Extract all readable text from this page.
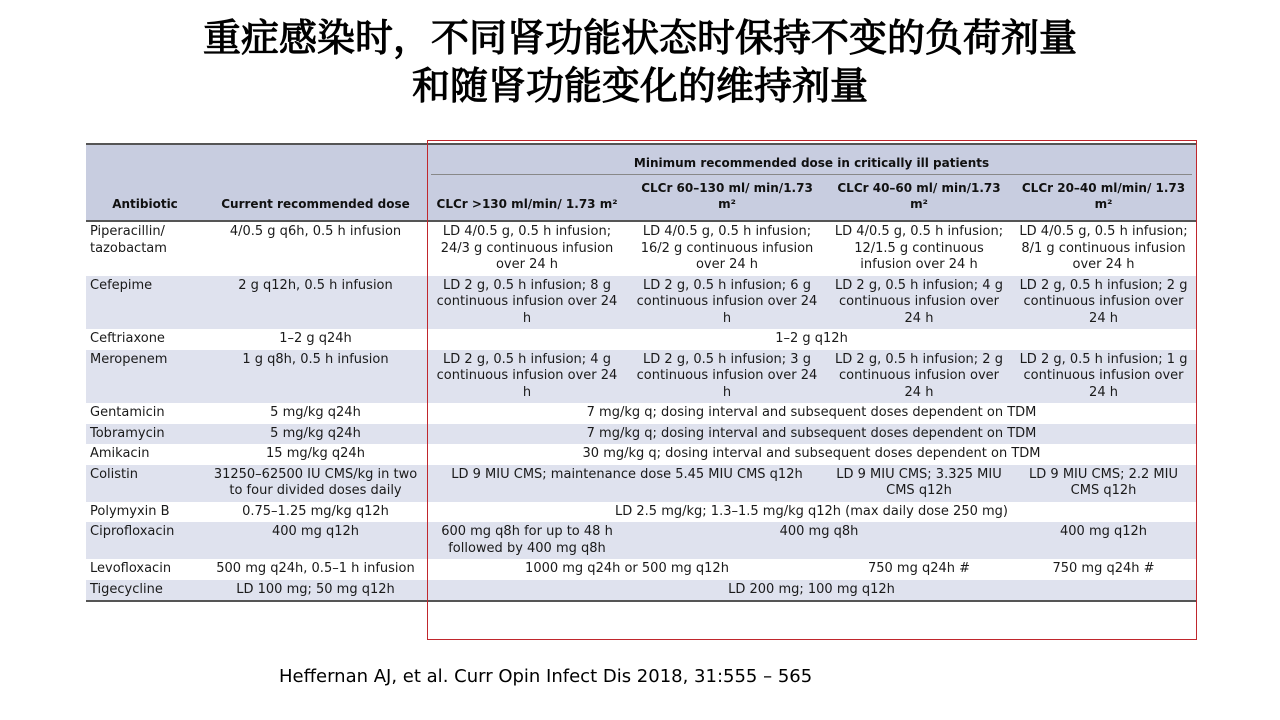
重症感染时，不同肾功能状态时保持不变的负荷剂量
和随肾功能变化的维持剂量

		Minimum recommended dose in critically ill patients			

Antibiotic	Current recommended dose	CLCr >130 ml/min/ 1.73 m²	CLCr 60–130 ml/ min/1.73 m²	CLCr 40–60 ml/ min/1.73 m²	CLCr 20–40 ml/min/ 1.73 m²
Piperacillin/ tazobactam	4/0.5 g q6h, 0.5 h infusion	LD 4/0.5 g, 0.5 h infusion; 24/3 g continuous infusion over 24 h	LD 4/0.5 g, 0.5 h infusion; 16/2 g continuous infusion over 24 h	LD 4/0.5 g, 0.5 h infusion; 12/1.5 g continuous infusion over 24 h	LD 4/0.5 g, 0.5 h infusion; 8/1 g continuous infusion over 24 h
Cefepime	2 g q12h, 0.5 h infusion	LD 2 g, 0.5 h infusion; 8 g continuous infusion over 24 h	LD 2 g, 0.5 h infusion; 6 g continuous infusion over 24 h	LD 2 g, 0.5 h infusion; 4 g continuous infusion over 24 h	LD 2 g, 0.5 h infusion; 2 g continuous infusion over 24 h
Ceftriaxone	1–2 g q24h	1–2 g q12h			
Meropenem	1 g q8h, 0.5 h infusion	LD 2 g, 0.5 h infusion; 4 g continuous infusion over 24 h	LD 2 g, 0.5 h infusion; 3 g continuous infusion over 24 h	LD 2 g, 0.5 h infusion; 2 g continuous infusion over 24 h	LD 2 g, 0.5 h infusion; 1 g continuous infusion over 24 h
Gentamicin	5 mg/kg q24h	7 mg/kg q; dosing interval and subsequent doses dependent on TDM			
Tobramycin	5 mg/kg q24h	7 mg/kg q; dosing interval and subsequent doses dependent on TDM			
Amikacin	15 mg/kg q24h	30 mg/kg q; dosing interval and subsequent doses dependent on TDM			
Colistin	31250–62500 IU CMS/kg in two to four divided doses daily	LD 9 MIU CMS; maintenance dose 5.45 MIU CMS q12h		LD 9 MIU CMS; 3.325 MIU CMS q12h	LD 9 MIU CMS; 2.2 MIU CMS q12h
Polymyxin B	0.75–1.25 mg/kg q12h	LD 2.5 mg/kg; 1.3–1.5 mg/kg q12h (max daily dose 250 mg)			
Ciprofloxacin	400 mg q12h	600 mg q8h for up to 48 h followed by 400 mg q8h	400 mg q8h		400 mg q12h
Levofloxacin	500 mg q24h, 0.5–1 h infusion	1000 mg q24h or 500 mg q12h		750 mg q24h #	750 mg q24h #
Tigecycline	LD 100 mg; 50 mg q12h	LD 200 mg; 100 mg q12h			

Heffernan AJ, et al. Curr Opin Infect Dis 2018, 31:555 – 565
